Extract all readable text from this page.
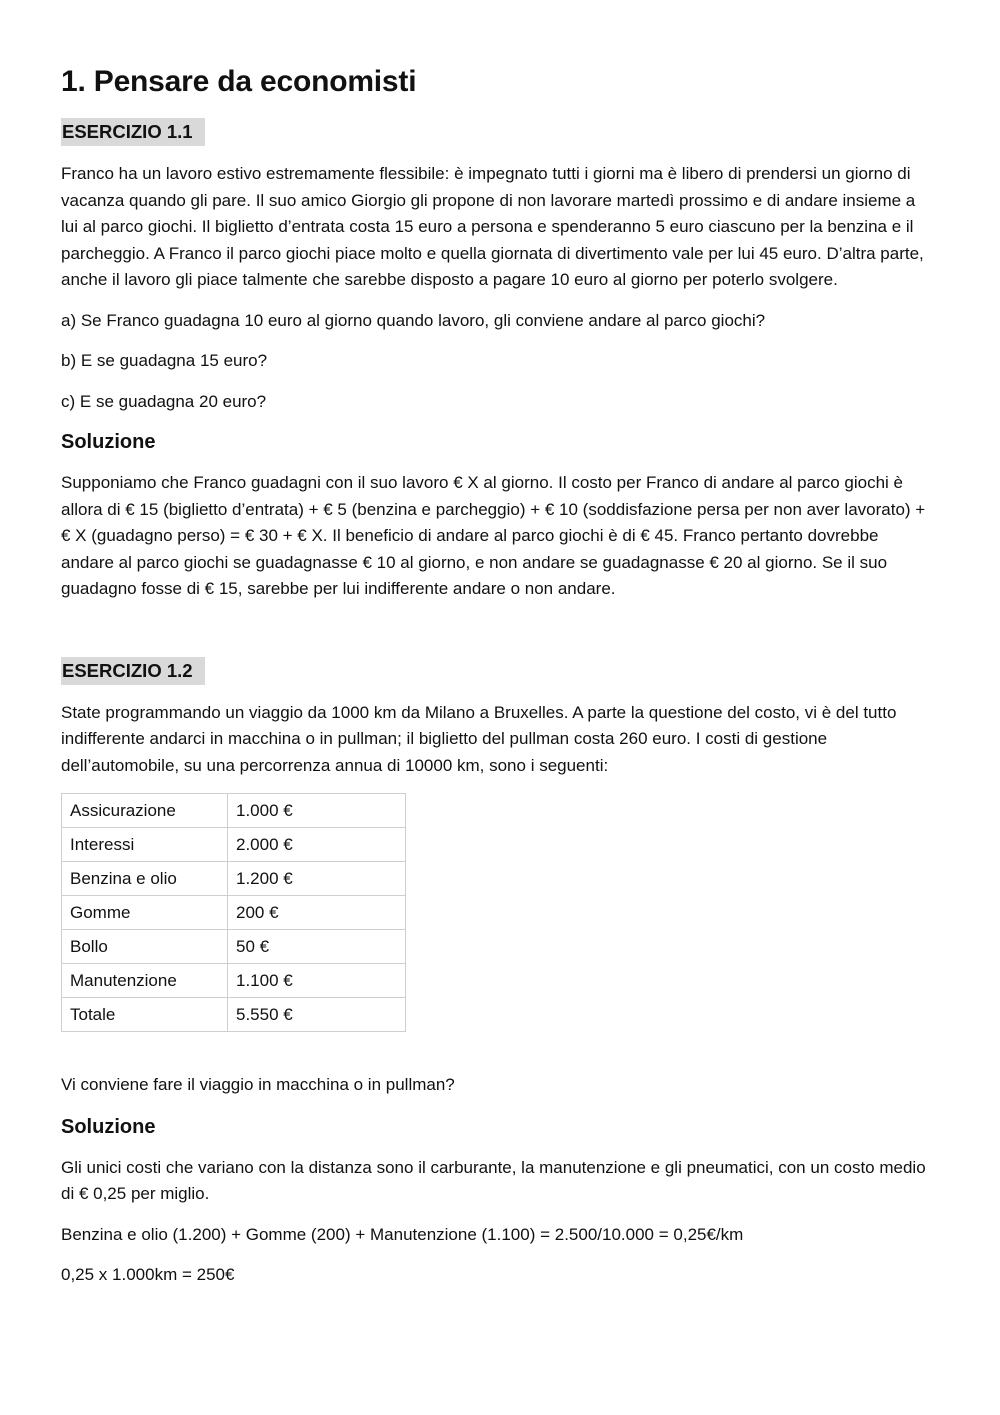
1. Pensare da economisti
ESERCIZIO 1.1

Franco ha un lavoro estivo estremamente flessibile: è impegnato tutti i giorni ma è libero di prendersi un giorno di vacanza quando gli pare. Il suo amico Giorgio gli propone di non lavorare martedì prossimo e di andare insieme a lui al parco giochi. Il biglietto d’entrata costa 15 euro a persona e spenderanno 5 euro ciascuno per la benzina e il parcheggio. A Franco il parco giochi piace molto e quella giornata di divertimento vale per lui 45 euro. D’altra parte, anche il lavoro gli piace talmente che sarebbe disposto a pagare 10 euro al giorno per poterlo svolgere.

a) Se Franco guadagna 10 euro al giorno quando lavoro, gli conviene andare al parco giochi?

b) E se guadagna 15 euro?

c) E se guadagna 20 euro?

Soluzione

Supponiamo che Franco guadagni con il suo lavoro € X al giorno. Il costo per Franco di andare al parco giochi è allora di € 15 (biglietto d’entrata) + € 5 (benzina e parcheggio) + € 10 (soddisfazione persa per non aver lavorato) + € X (guadagno perso) = € 30 + € X. Il beneficio di andare al parco giochi è di € 45. Franco pertanto dovrebbe andare al parco giochi se guadagnasse € 10 al giorno, e non andare se guadagnasse € 20 al giorno. Se il suo guadagno fosse di € 15, sarebbe per lui indifferente andare o non andare.

ESERCIZIO 1.2

State programmando un viaggio da 1000 km da Milano a Bruxelles. A parte la questione del costo, vi è del tutto indifferente andarci in macchina o in pullman; il biglietto del pullman costa 260 euro. I costi di gestione dell’automobile, su una percorrenza annua di 10000 km, sono i seguenti:

Assicurazione	1.000 €
Interessi	2.000 €
Benzina e olio	1.200 €
Gomme	200 €
Bollo	50 €
Manutenzione	1.100 €
Totale	5.550 €

Vi conviene fare il viaggio in macchina o in pullman?

Soluzione

Gli unici costi che variano con la distanza sono il carburante, la manutenzione e gli pneumatici, con un costo medio di € 0,25 per miglio.

Benzina e olio (1.200) + Gomme (200) + Manutenzione (1.100) = 2.500/10.000 = 0,25€/km

0,25 x 1.000km = 250€
